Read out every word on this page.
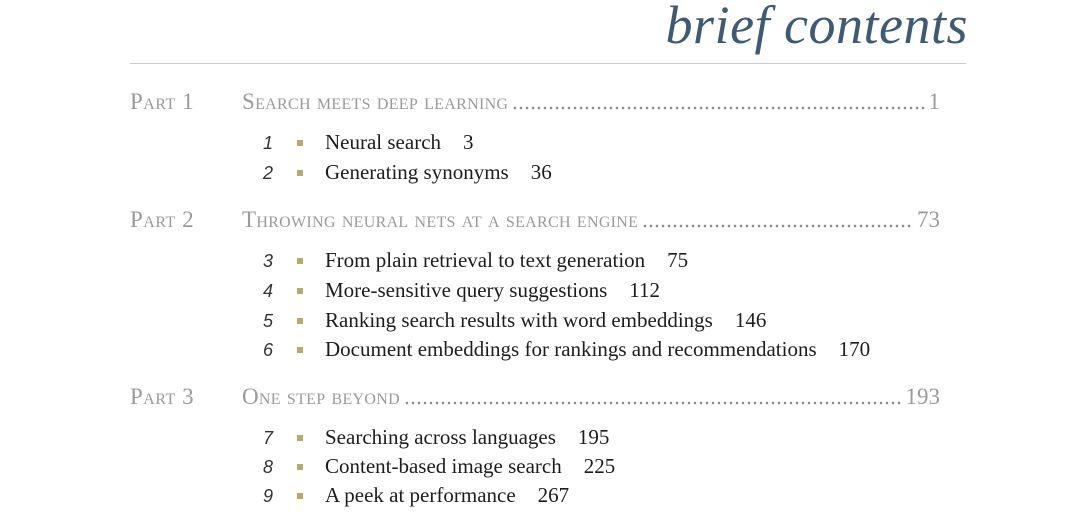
brief contents
Part 1	Search meets deep learning	1
1	Neural search 3
2	Generating synonyms 36
Part 2	Throwing neural nets at a search engine	73
3	From plain retrieval to text generation 75
4	More-sensitive query suggestions 112
5	Ranking search results with word embeddings 146
6	Document embeddings for rankings and recommendations 170
Part 3	One step beyond	193
7	Searching across languages 195
8	Content-based image search 225
9	A peek at performance 267
